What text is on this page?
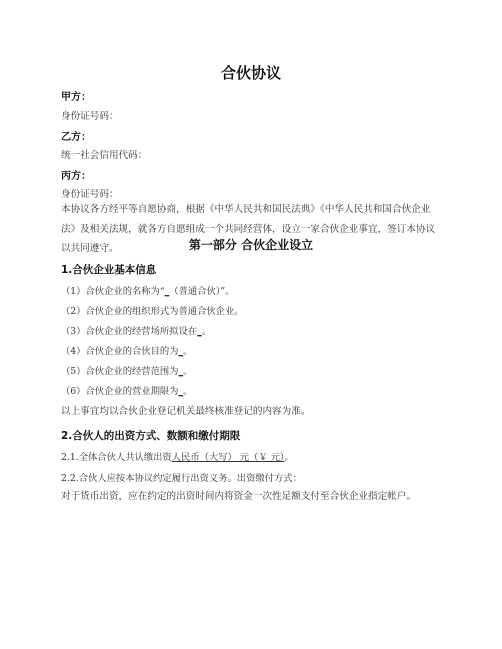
合伙协议
甲方：
身份证号码：
乙方：
统一社会信用代码：
丙方：
身份证号码：
本协议各方经平等自愿协商，根据《中华人民共和国民法典》《中华人民共和国合伙企业法》及相关法规，就各方自愿组成一个共同经营体，设立一家合伙企业事宜，签订本协议以共同遵守。	第一部分 合伙企业设立
1.合伙企业基本信息
（1）合伙企业的名称为“_（普通合伙）”。
（2）合伙企业的组织形式为普通合伙企业。
（3）合伙企业的经营场所拟设在_。
（4）合伙企业的合伙目的为_。
（5）合伙企业的经营范围为_。
（6）合伙企业的营业期限为_。
以上事宜均以合伙企业登记机关最终核准登记的内容为准。
2.合伙人的出资方式、数额和缴付期限
2.1.全体合伙人共认缴出资人民币（大写） 元（￥ 元）。
2.2.合伙人应按本协议约定履行出资义务。出资缴付方式：
对于货币出资，应在约定的出资时间内将资金一次性足额支付至合伙企业指定帐户。
